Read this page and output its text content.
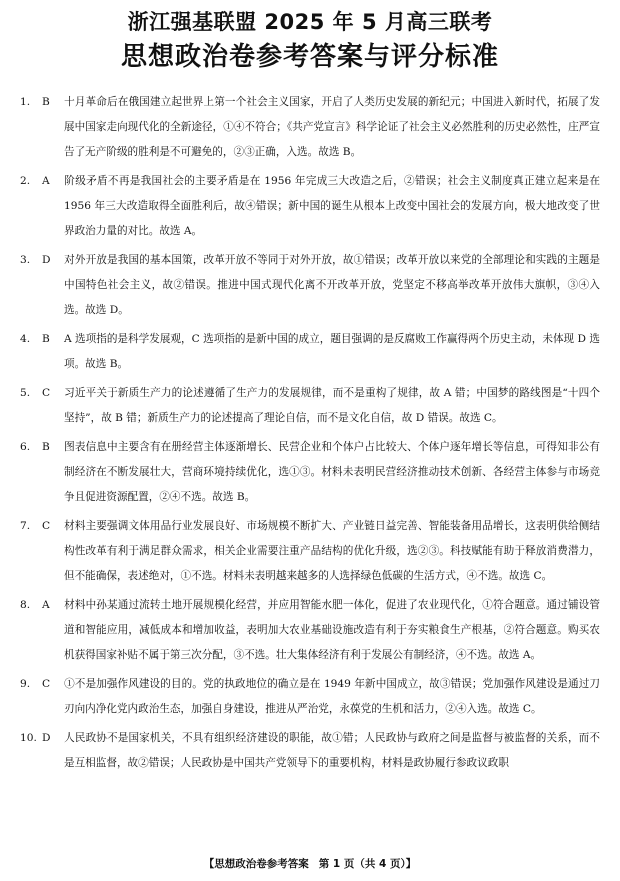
浙江强基联盟 2025 年 5 月高三联考
思想政治卷参考答案与评分标准
1. B 十月革命后在俄国建立起世界上第一个社会主义国家，开启了人类历史发展的新纪元；中国进入新时代，拓展了发展中国家走向现代化的全新途径，①④不符合；《共产党宣言》科学论证了社会主义必然胜利的历史必然性，庄严宣告了无产阶级的胜利是不可避免的，②③正确，入选。故选 B。
2. A 阶级矛盾不再是我国社会的主要矛盾是在 1956 年完成三大改造之后，②错误；社会主义制度真正建立起来是在 1956 年三大改造取得全面胜利后，故④错误；新中国的诞生从根本上改变中国社会的发展方向，极大地改变了世界政治力量的对比。故选 A。
3. D 对外开放是我国的基本国策，改革开放不等同于对外开放，故①错误；改革开放以来党的全部理论和实践的主题是中国特色社会主义，故②错误。推进中国式现代化离不开改革开放，党坚定不移高举改革开放伟大旗帜，③④入选。故选 D。
4. B A 选项指的是科学发展观，C 选项指的是新中国的成立，题目强调的是反腐败工作赢得两个历史主动，未体现 D 选项。故选 B。
5. C 习近平关于新质生产力的论述遵循了生产力的发展规律，而不是重构了规律，故 A 错；中国梦的路线图是“十四个坚持”，故 B 错；新质生产力的论述提高了理论自信，而不是文化自信，故 D 错误。故选 C。
6. B 图表信息中主要含有在册经营主体逐渐增长、民营企业和个体户占比较大、个体户逐年增长等信息，可得知非公有制经济在不断发展壮大，营商环境持续优化，选①③。材料未表明民营经济推动技术创新、各经营主体参与市场竞争且促进资源配置，②④不选。故选 B。
7. C 材料主要强调文体用品行业发展良好、市场规模不断扩大、产业链日益完善、智能装备用品增长，这表明供给侧结构性改革有利于满足群众需求，相关企业需要注重产品结构的优化升级，选②③。科技赋能有助于释放消费潜力，但不能确保，表述绝对，①不选。材料未表明越来越多的人选择绿色低碳的生活方式，④不选。故选 C。
8. A 材料中孙某通过流转土地开展规模化经营，并应用智能水肥一体化，促进了农业现代化，①符合题意。通过铺设管道和智能应用，减低成本和增加收益，表明加大农业基础设施改造有利于夯实粮食生产根基，②符合题意。购买农机获得国家补贴不属于第三次分配，③不选。壮大集体经济有利于发展公有制经济，④不选。故选 A。
9. C ①不是加强作风建设的目的。党的执政地位的确立是在 1949 年新中国成立，故③错误；党加强作风建设是通过刀刃向内净化党内政治生态，加强自身建设，推进从严治党，永葆党的生机和活力，②④入选。故选 C。
10. D 人民政协不是国家机关，不具有组织经济建设的职能，故①错；人民政协与政府之间是监督与被监督的关系，而不是互相监督，故②错误；人民政协是中国共产党领导下的重要机构，材料是政协履行参政议政职
【思想政治卷参考答案 第 1 页（共 4 页）】
